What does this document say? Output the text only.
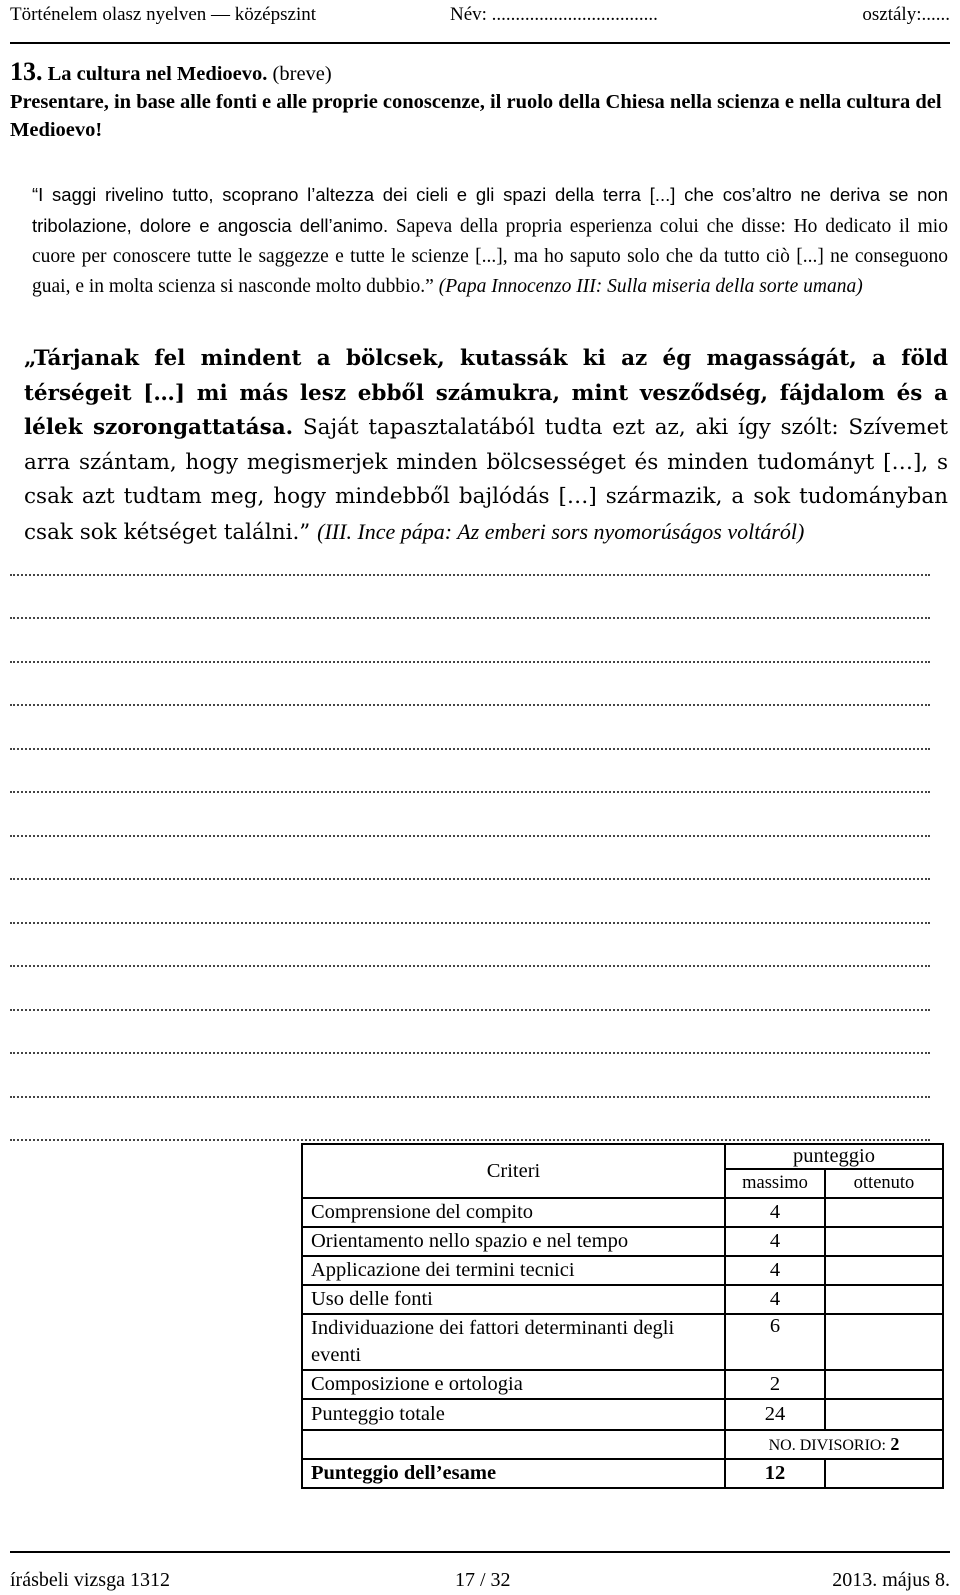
Történelem olasz nyelven — középszint	Név: ...................................	osztály:......
13. La cultura nel Medioevo. (breve)
Presentare, in base alle fonti e alle proprie conoscenze, il ruolo della Chiesa nella scienza e nella cultura del Medioevo!
“I saggi rivelino tutto, scoprano l’altezza dei cieli e gli spazi della terra [...] che cos’altro ne deriva se non tribolazione, dolore e angoscia dell’animo. Sapeva della propria esperienza colui che disse: Ho dedicato il mio cuore per conoscere tutte le saggezze e tutte le scienze [...], ma ho saputo solo che da tutto ciò [...] ne conseguono guai, e in molta scienza si nasconde molto dubbio.” (Papa Innocenzo III: Sulla miseria della sorte umana)
„Tárjanak fel mindent a bölcsek, kutassák ki az ég magasságát, a föld térségeit […] mi más lesz ebből számukra, mint vesződség, fájdalom és a lélek szorongattatása. Saját tapasztalatából tudta ezt az, aki így szólt: Szívemet arra szántam, hogy megismerjek minden bölcsességet és minden tudományt […], s csak azt tudtam meg, hogy mindebből bajlódás […] származik, a sok tudományban csak sok kétséget találni.” (III. Ince pápa: Az emberi sors nyomorúságos voltáról)
Criteri	punteggio	
	massimo	ottenuto
Comprensione del compito	4	
Orientamento nello spazio e nel tempo	4	
Applicazione dei termini tecnici	4	
Uso delle fonti	4	
Individuazione dei fattori determinanti degli eventi	6	
Composizione e ortologia	2	
Punteggio totale	24	
	NO. DIVISORIO: 2	
Punteggio dell’esame	12	
írásbeli vizsga 1312	17 / 32	2013. május 8.
